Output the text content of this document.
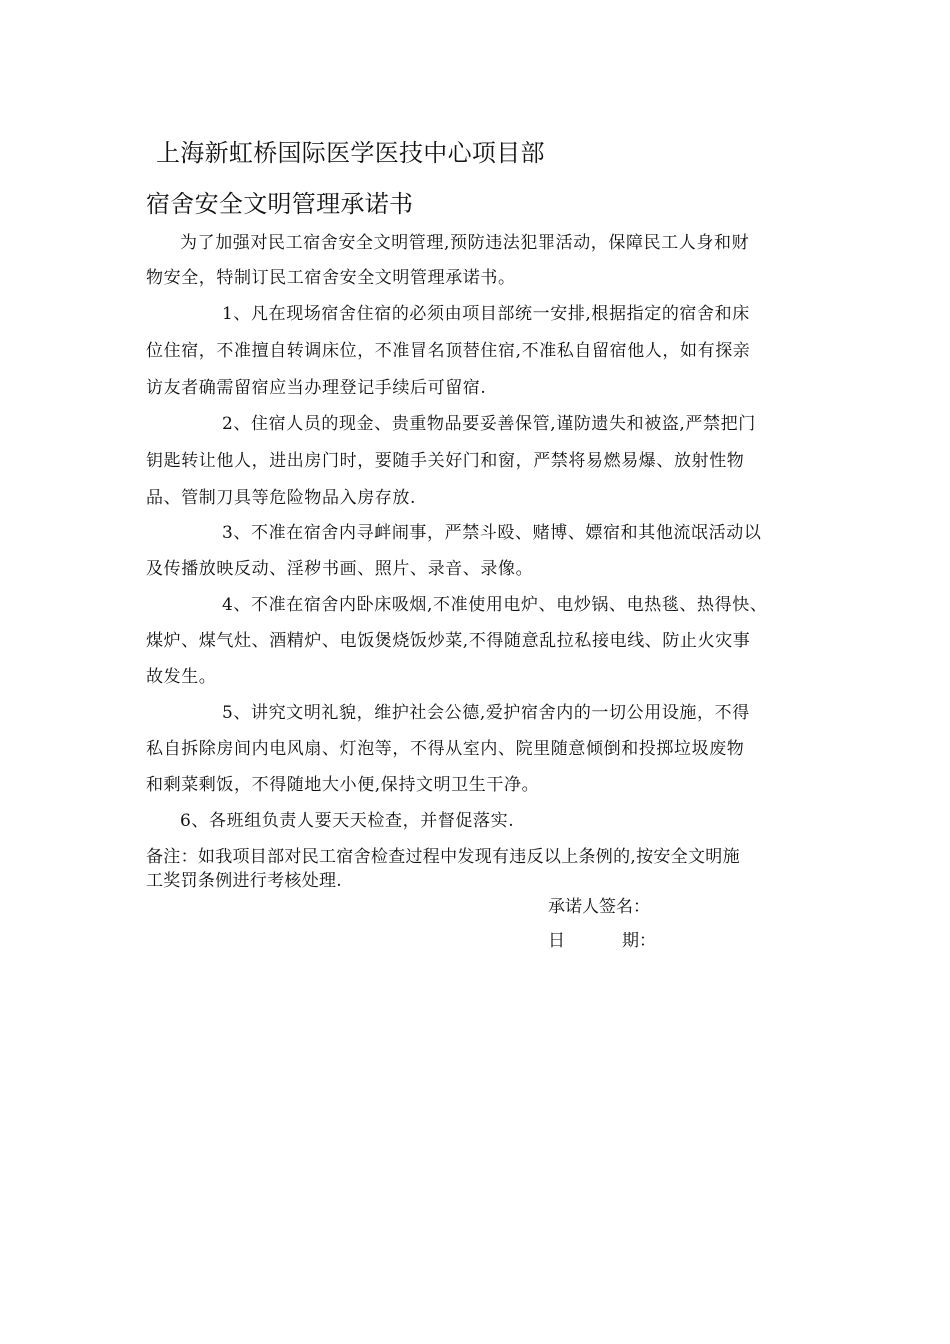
上海新虹桥国际医学医技中心项目部

宿舍安全文明管理承诺书

为了加强对民工宿舍安全文明管理,预防违法犯罪活动，保障民工人身和财

物安全，特制订民工宿舍安全文明管理承诺书。

1、凡在现场宿舍住宿的必须由项目部统一安排,根据指定的宿舍和床

位住宿，不准擅自转调床位，不准冒名顶替住宿,不准私自留宿他人，如有探亲

访友者确需留宿应当办理登记手续后可留宿.

2、住宿人员的现金、贵重物品要妥善保管,谨防遗失和被盗,严禁把门

钥匙转让他人，进出房门时，要随手关好门和窗，严禁将易燃易爆、放射性物

品、管制刀具等危险物品入房存放.

3、不准在宿舍内寻衅闹事，严禁斗殴、赌博、嫖宿和其他流氓活动以

及传播放映反动、淫秽书画、照片、录音、录像。

4、不准在宿舍内卧床吸烟,不准使用电炉、电炒锅、电热毯、热得快、

煤炉、煤气灶、酒精炉、电饭煲烧饭炒菜,不得随意乱拉私接电线、防止火灾事

故发生。

5、讲究文明礼貌，维护社会公德,爱护宿舍内的一切公用设施，不得

私自拆除房间内电风扇、灯泡等，不得从室内、院里随意倾倒和投掷垃圾废物

和剩菜剩饭，不得随地大小便,保持文明卫生干净。

6、各班组负责人要天天检查，并督促落实.

备注：如我项目部对民工宿舍检查过程中发现有违反以上条例的,按安全文明施

工奖罚条例进行考核处理.

承诺人签名：

日	期：
